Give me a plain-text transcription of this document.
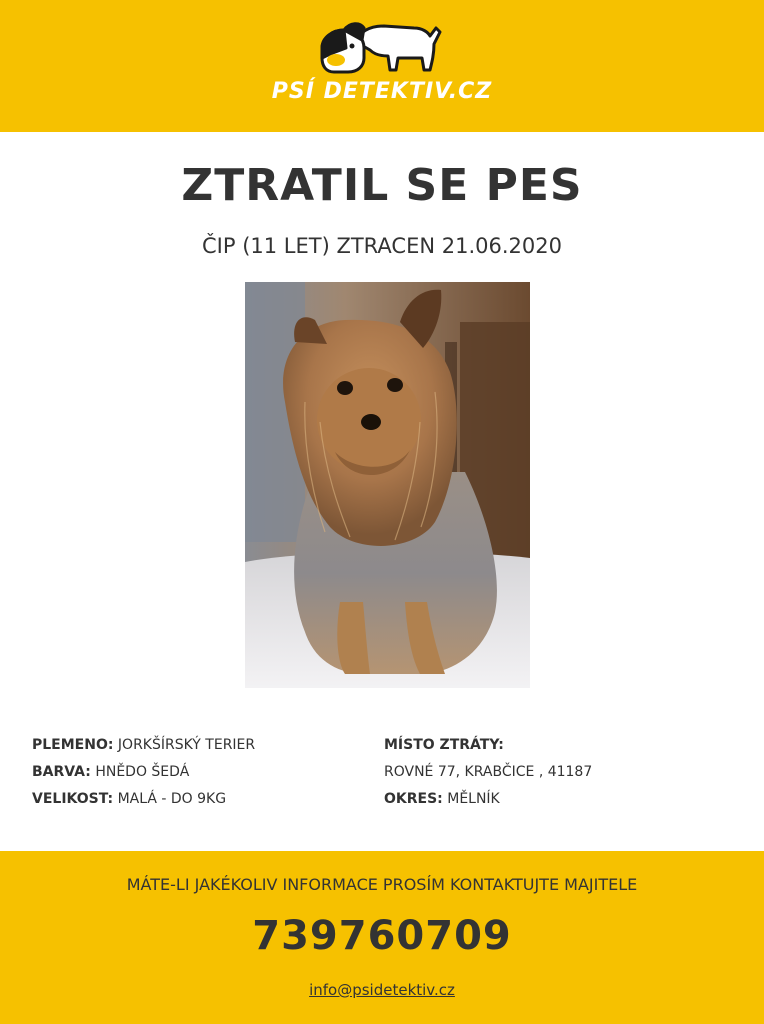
PSÍ DETEKTIV.CZ
ZTRATIL SE PES
ČIP (11 LET) ZTRACEN 21.06.2020
PLEMENO: JORKŠÍRSKÝ TERIER
BARVA: HNĚDO ŠEDÁ
VELIKOST: MALÁ - DO 9KG
MÍSTO ZTRÁTY:
ROVNÉ 77, KRABČICE , 41187
OKRES: MĚLNÍK
MÁTE-LI JAKÉKOLIV INFORMACE PROSÍM KONTAKTUJTE MAJITELE
739760709
info@psidetektiv.cz
